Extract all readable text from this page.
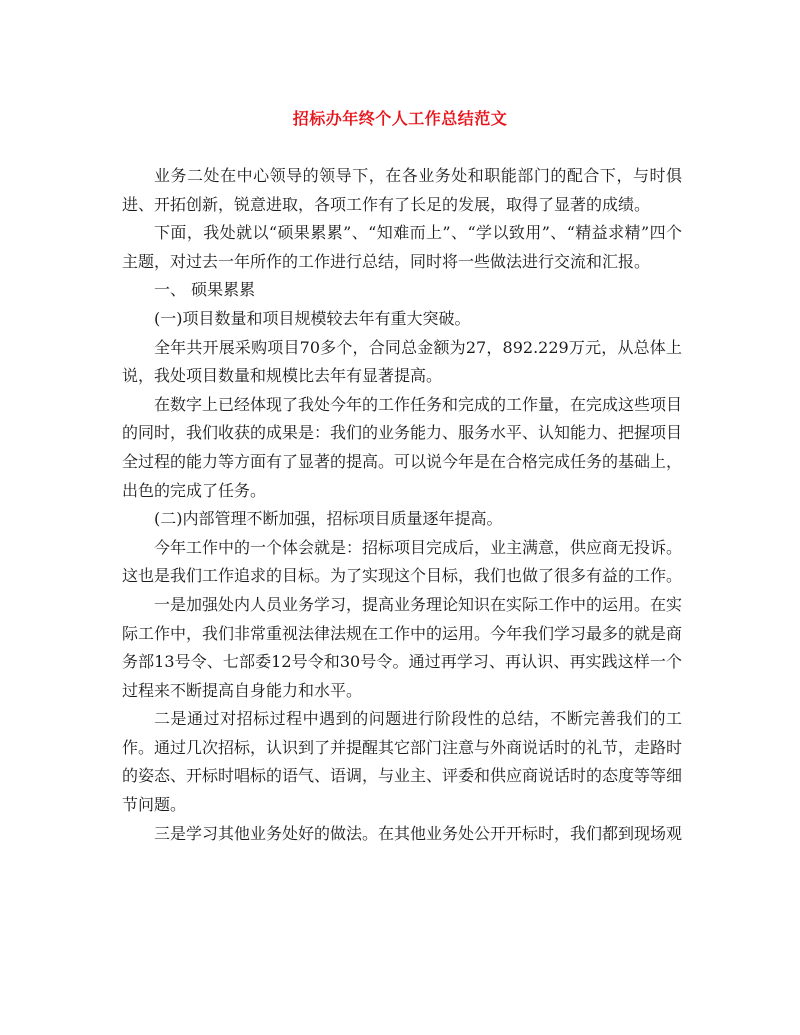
招标办年终个人工作总结范文

业务二处在中心领导的领导下，在各业务处和职能部门的配合下，与时俱进、开拓创新，锐意进取，各项工作有了长足的发展，取得了显著的成绩。

下面，我处就以“硕果累累”、“知难而上”、“学以致用”、“精益求精”四个主题，对过去一年所作的工作进行总结，同时将一些做法进行交流和汇报。

一、 硕果累累

(一)项目数量和项目规模较去年有重大突破。

全年共开展采购项目70多个，合同总金额为27，892.229万元，从总体上说，我处项目数量和规模比去年有显著提高。

在数字上已经体现了我处今年的工作任务和完成的工作量，在完成这些项目的同时，我们收获的成果是：我们的业务能力、服务水平、认知能力、把握项目全过程的能力等方面有了显著的提高。可以说今年是在合格完成任务的基础上，出色的完成了任务。

(二)内部管理不断加强，招标项目质量逐年提高。

今年工作中的一个体会就是：招标项目完成后，业主满意，供应商无投诉。这也是我们工作追求的目标。为了实现这个目标，我们也做了很多有益的工作。

一是加强处内人员业务学习，提高业务理论知识在实际工作中的运用。在实际工作中，我们非常重视法律法规在工作中的运用。今年我们学习最多的就是商务部13号令、七部委12号令和30号令。通过再学习、再认识、再实践这样一个过程来不断提高自身能力和水平。

二是通过对招标过程中遇到的问题进行阶段性的总结，不断完善我们的工作。通过几次招标，认识到了并提醒其它部门注意与外商说话时的礼节，走路时的姿态、开标时唱标的语气、语调，与业主、评委和供应商说话时的态度等等细节问题。

三是学习其他业务处好的做法。在其他业务处公开开标时，我们都到现场观
